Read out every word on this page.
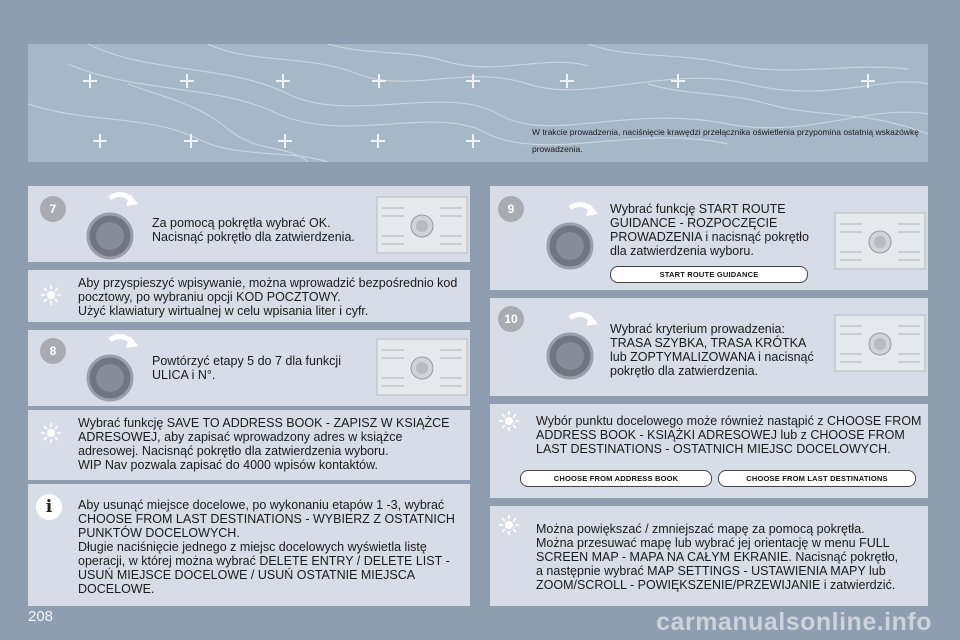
W trakcie prowadzenia, naciśnięcie krawędzi przełącznika oświetlenia przypomina ostatnią wskazówkę prowadzenia.
7
Za pomocą pokrętła wybrać OK.
Nacisnąć pokrętło dla zatwierdzenia.
Aby przyspieszyć wpisywanie, można wprowadzić bezpośrednio kod
pocztowy, po wybraniu opcji KOD POCZTOWY.
Użyć klawiatury wirtualnej w celu wpisania liter i cyfr.
8
Powtórzyć etapy 5 do 7 dla funkcji
ULICA i N°.
Wybrać funkcję SAVE TO ADDRESS BOOK - ZAPISZ W KSIĄŻCE
ADRESOWEJ, aby zapisać wprowadzony adres w książce
adresowej. Nacisnąć pokrętło dla zatwierdzenia wyboru.
WIP Nav pozwala zapisać do 4000 wpisów kontaktów.
i	Aby usunąć miejsce docelowe, po wykonaniu etapów 1 -3, wybrać
CHOOSE FROM LAST DESTINATIONS - WYBIERZ Z OSTATNICH
PUNKTÓW DOCELOWYCH.
Długie naciśnięcie jednego z miejsc docelowych wyświetla listę
operacji, w której można wybrać DELETE ENTRY / DELETE LIST -
USUŃ MIEJSCE DOCELOWE / USUŃ OSTATNIE MIEJSCA
DOCELOWE.
9	Wybrać funkcję START ROUTE
GUIDANCE - ROZPOCZĘCIE
PROWADZENIA i nacisnąć pokrętło
dla zatwierdzenia wyboru.
START ROUTE GUIDANCE
10
Wybrać kryterium prowadzenia:
TRASA SZYBKA, TRASA KRÓTKA
lub ZOPTYMALIZOWANA i nacisnąć
pokrętło dla zatwierdzenia.
Wybór punktu docelowego może również nastąpić z CHOOSE FROM
ADDRESS BOOK - KSIĄŻKI ADRESOWEJ lub z CHOOSE FROM
LAST DESTINATIONS - OSTATNICH MIEJSC DOCELOWYCH.
CHOOSE FROM ADDRESS BOOK	CHOOSE FROM LAST DESTINATIONS
Można powiększać / zmniejszać mapę za pomocą pokrętła.
Można przesuwać mapę lub wybrać jej orientację w menu FULL
SCREEN MAP - MAPA NA CAŁYM EKRANIE. Nacisnąć pokrętło,
a następnie wybrać MAP SETTINGS - USTAWIENIA MAPY lub
ZOOM/SCROLL - POWIĘKSZENIE/PRZEWIJANIE i zatwierdzić.
208	carmanualsonline.info
